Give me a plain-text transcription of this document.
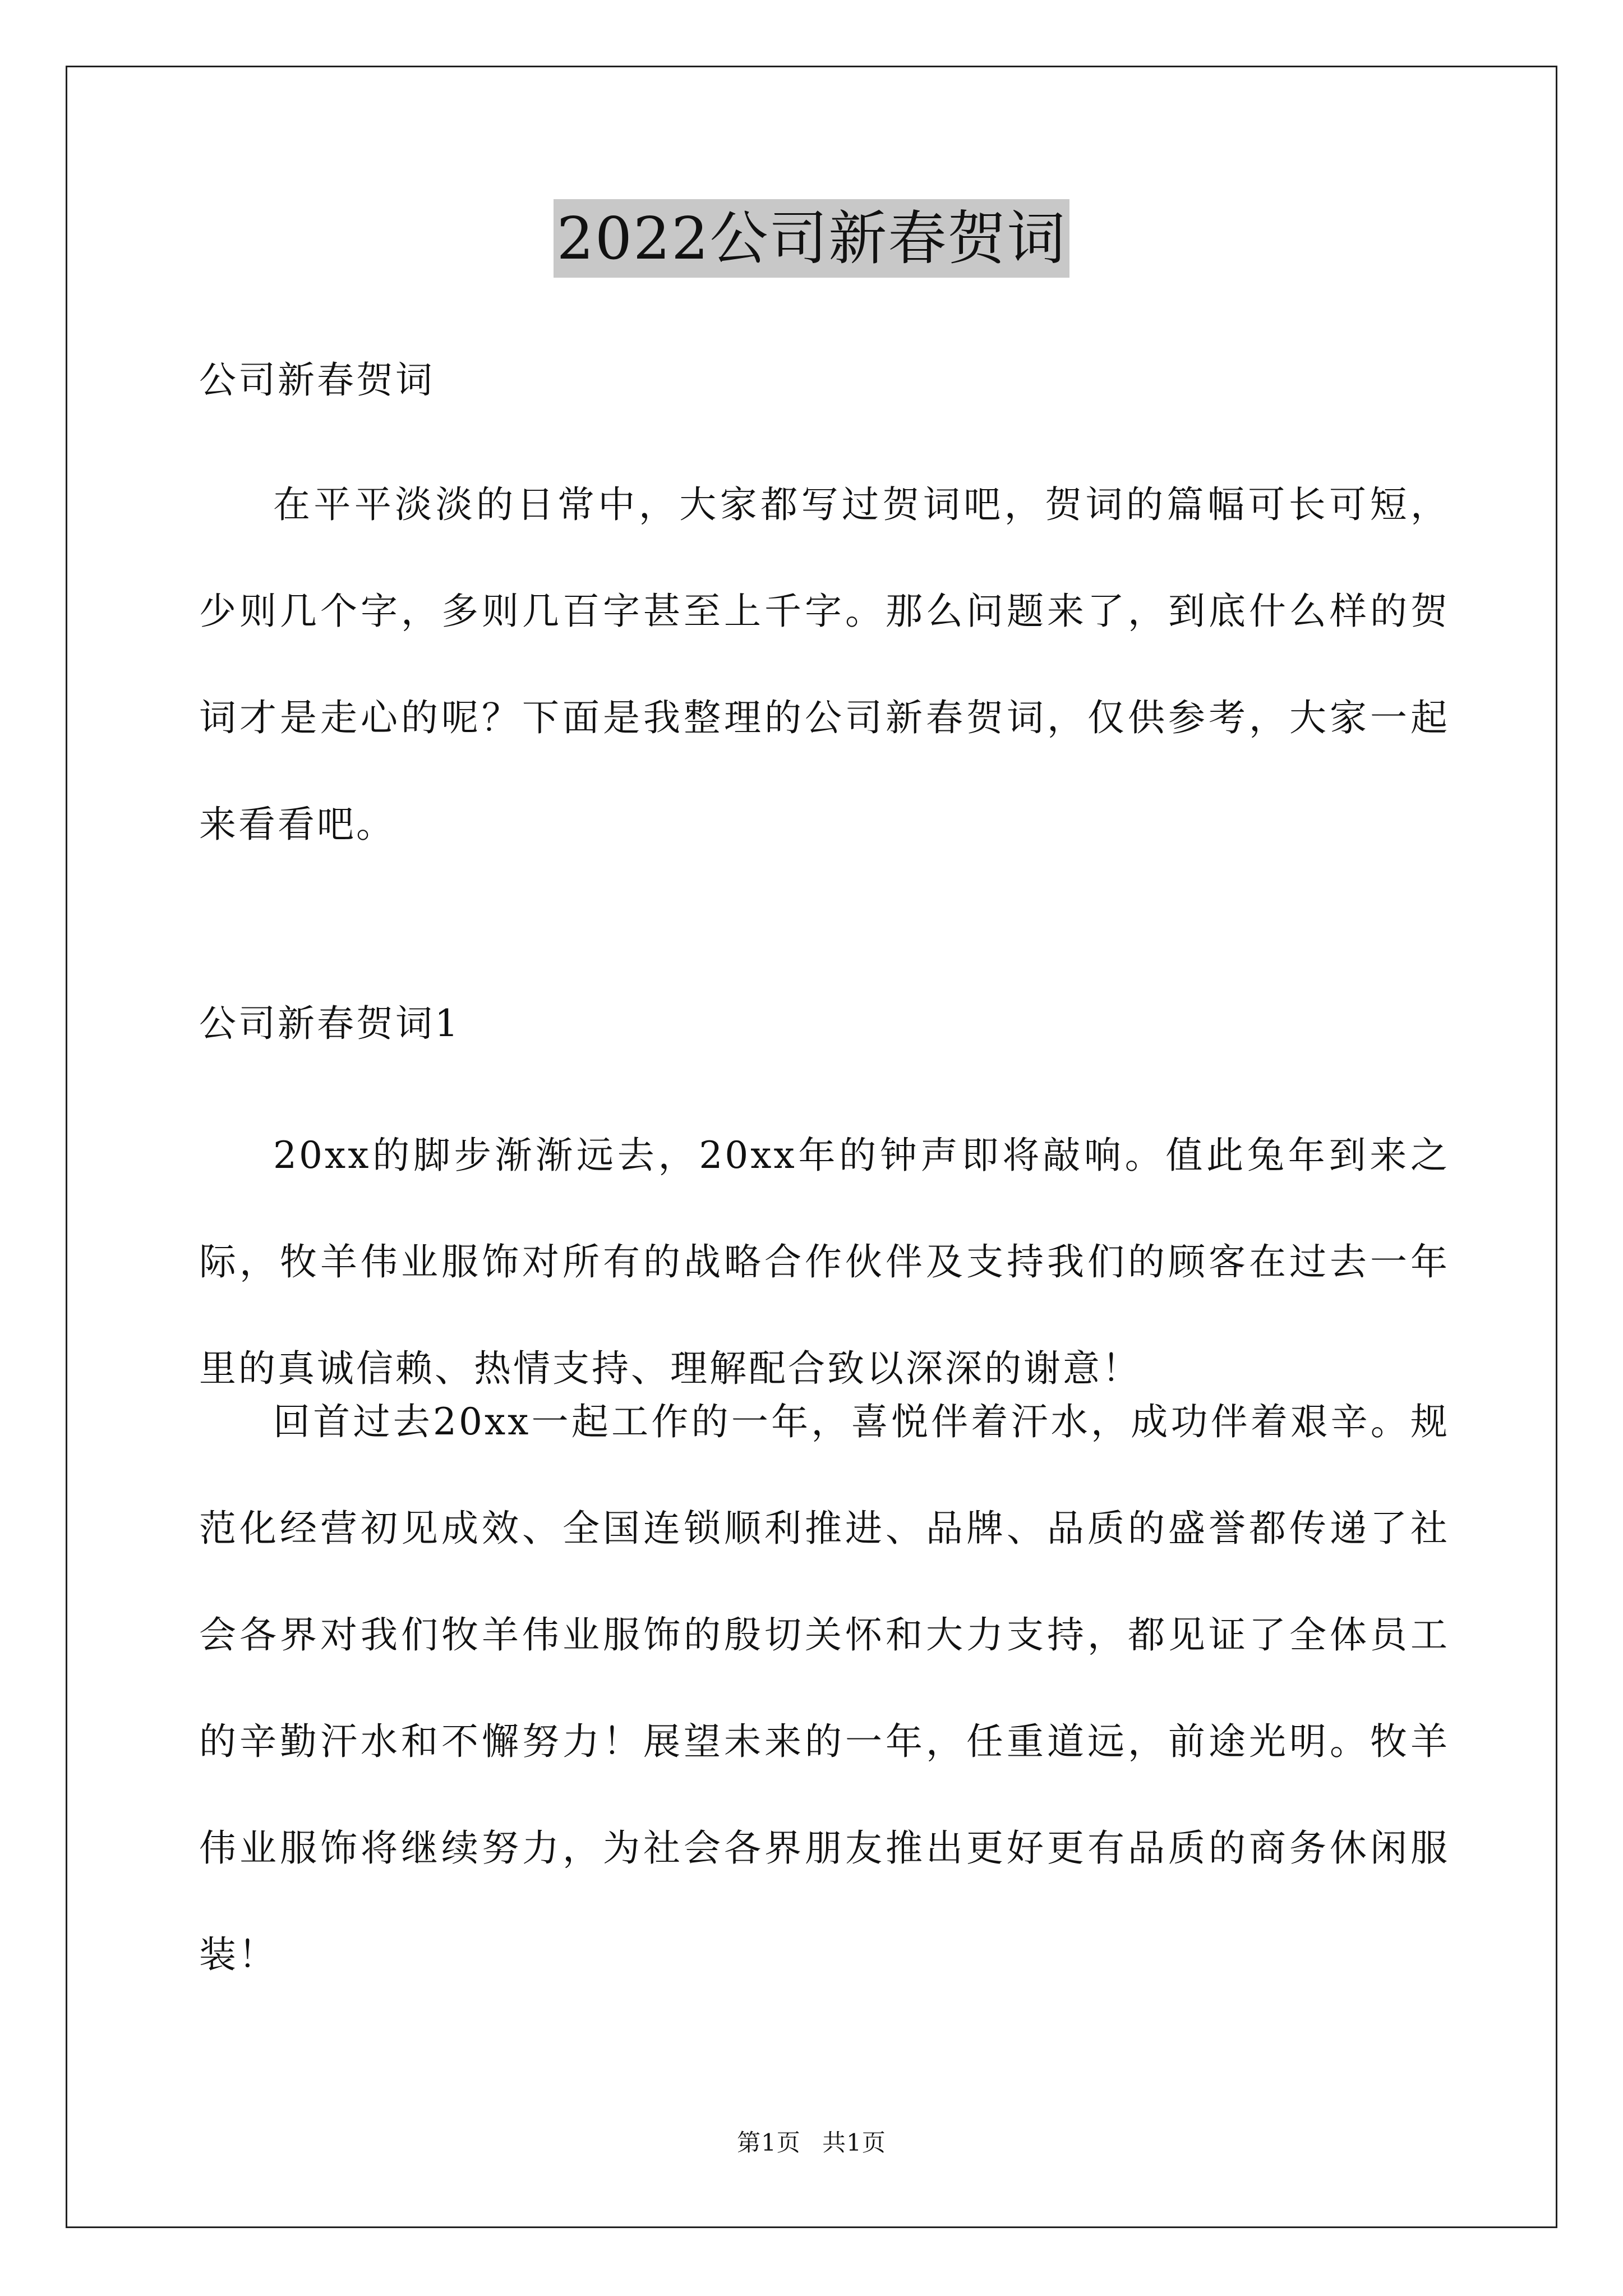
2022公司新春贺词
公司新春贺词

在平平淡淡的日常中，大家都写过贺词吧，贺词的篇幅可长可短，少则几个字，多则几百字甚至上千字。那么问题来了，到底什么样的贺词才是走心的呢？下面是我整理的公司新春贺词，仅供参考，大家一起来看看吧。

公司新春贺词1

20xx的脚步渐渐远去，20xx年的钟声即将敲响。值此兔年到来之际，牧羊伟业服饰对所有的战略合作伙伴及支持我们的顾客在过去一年里的真诚信赖、热情支持、理解配合致以深深的谢意！

回首过去20xx一起工作的一年，喜悦伴着汗水，成功伴着艰辛。规范化经营初见成效、全国连锁顺利推进、品牌、品质的盛誉都传递了社会各界对我们牧羊伟业服饰的殷切关怀和大力支持，都见证了全体员工的辛勤汗水和不懈努力！展望未来的一年，任重道远，前途光明。牧羊伟业服饰将继续努力，为社会各界朋友推出更好更有品质的商务休闲服装！

第1页 共1页
